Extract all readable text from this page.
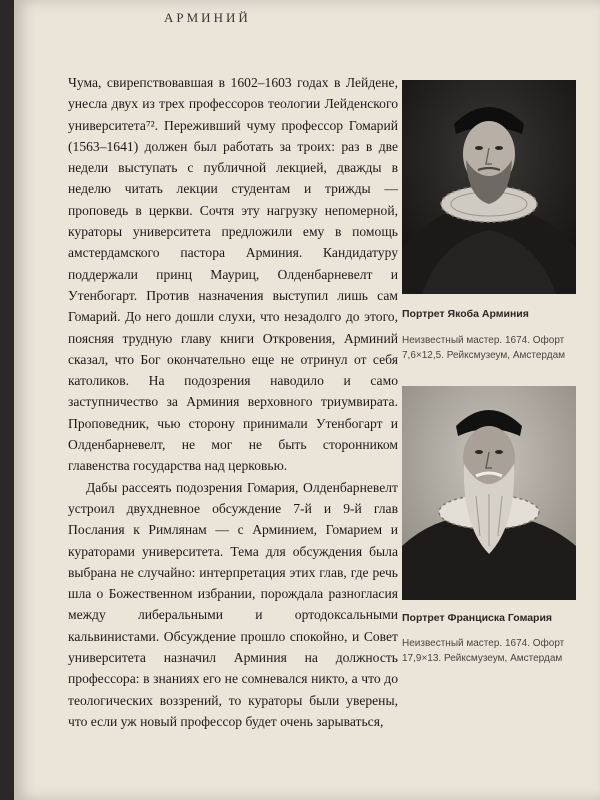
АРМИНИЙ

Чума, свирепствовавшая в 1602–1603 годах в Лейдене, унесла двух из трех профессоров теологии Лейденского университета⁷². Переживший чуму профессор Гомарий (1563–1641) должен был работать за троих: раз в две недели выступать с публичной лекцией, дважды в неделю читать лекции студентам и трижды — проповедь в церкви. Сочтя эту нагрузку непомерной, кураторы университета предложили ему в помощь амстердамского пастора Арминия. Кандидатуру поддержали принц Мауриц, Олденбарневелт и Утенбогарт. Против назначения выступил лишь сам Гомарий. До него дошли слухи, что незадолго до этого, поясняя трудную главу книги Откровения, Арминий сказал, что Бог окончательно еще не отринул от себя католиков. На подозрения наводило и само заступничество за Арминия верховного триумвирата. Проповедник, чью сторону принимали Утенбогарт и Олденбарневелт, не мог не быть сторонником главенства государства над церковью.

Дабы рассеять подозрения Гомария, Олденбарневелт устроил двухдневное обсуждение 7-й и 9-й глав Послания к Римлянам — с Арминием, Гомарием и кураторами университета. Тема для обсуждения была выбрана не случайно: интерпретация этих глав, где речь шла о Божественном избрании, порождала разногласия между либеральными и ортодоксальными кальвинистами. Обсуждение прошло спокойно, и Совет университета назначил Арминия на должность профессора: в знаниях его не сомневался никто, а что до теологических воззрений, то кураторы были уверены, что если уж новый профессор будет очень зарываться,

Портрет Якоба Арминия
Неизвестный мастер. 1674. Офорт
7,6×12,5. Рейксмузеум, Амстердам
Портрет Франциска Гомария
Неизвестный мастер. 1674. Офорт
17,9×13. Рейксмузеум, Амстердам
